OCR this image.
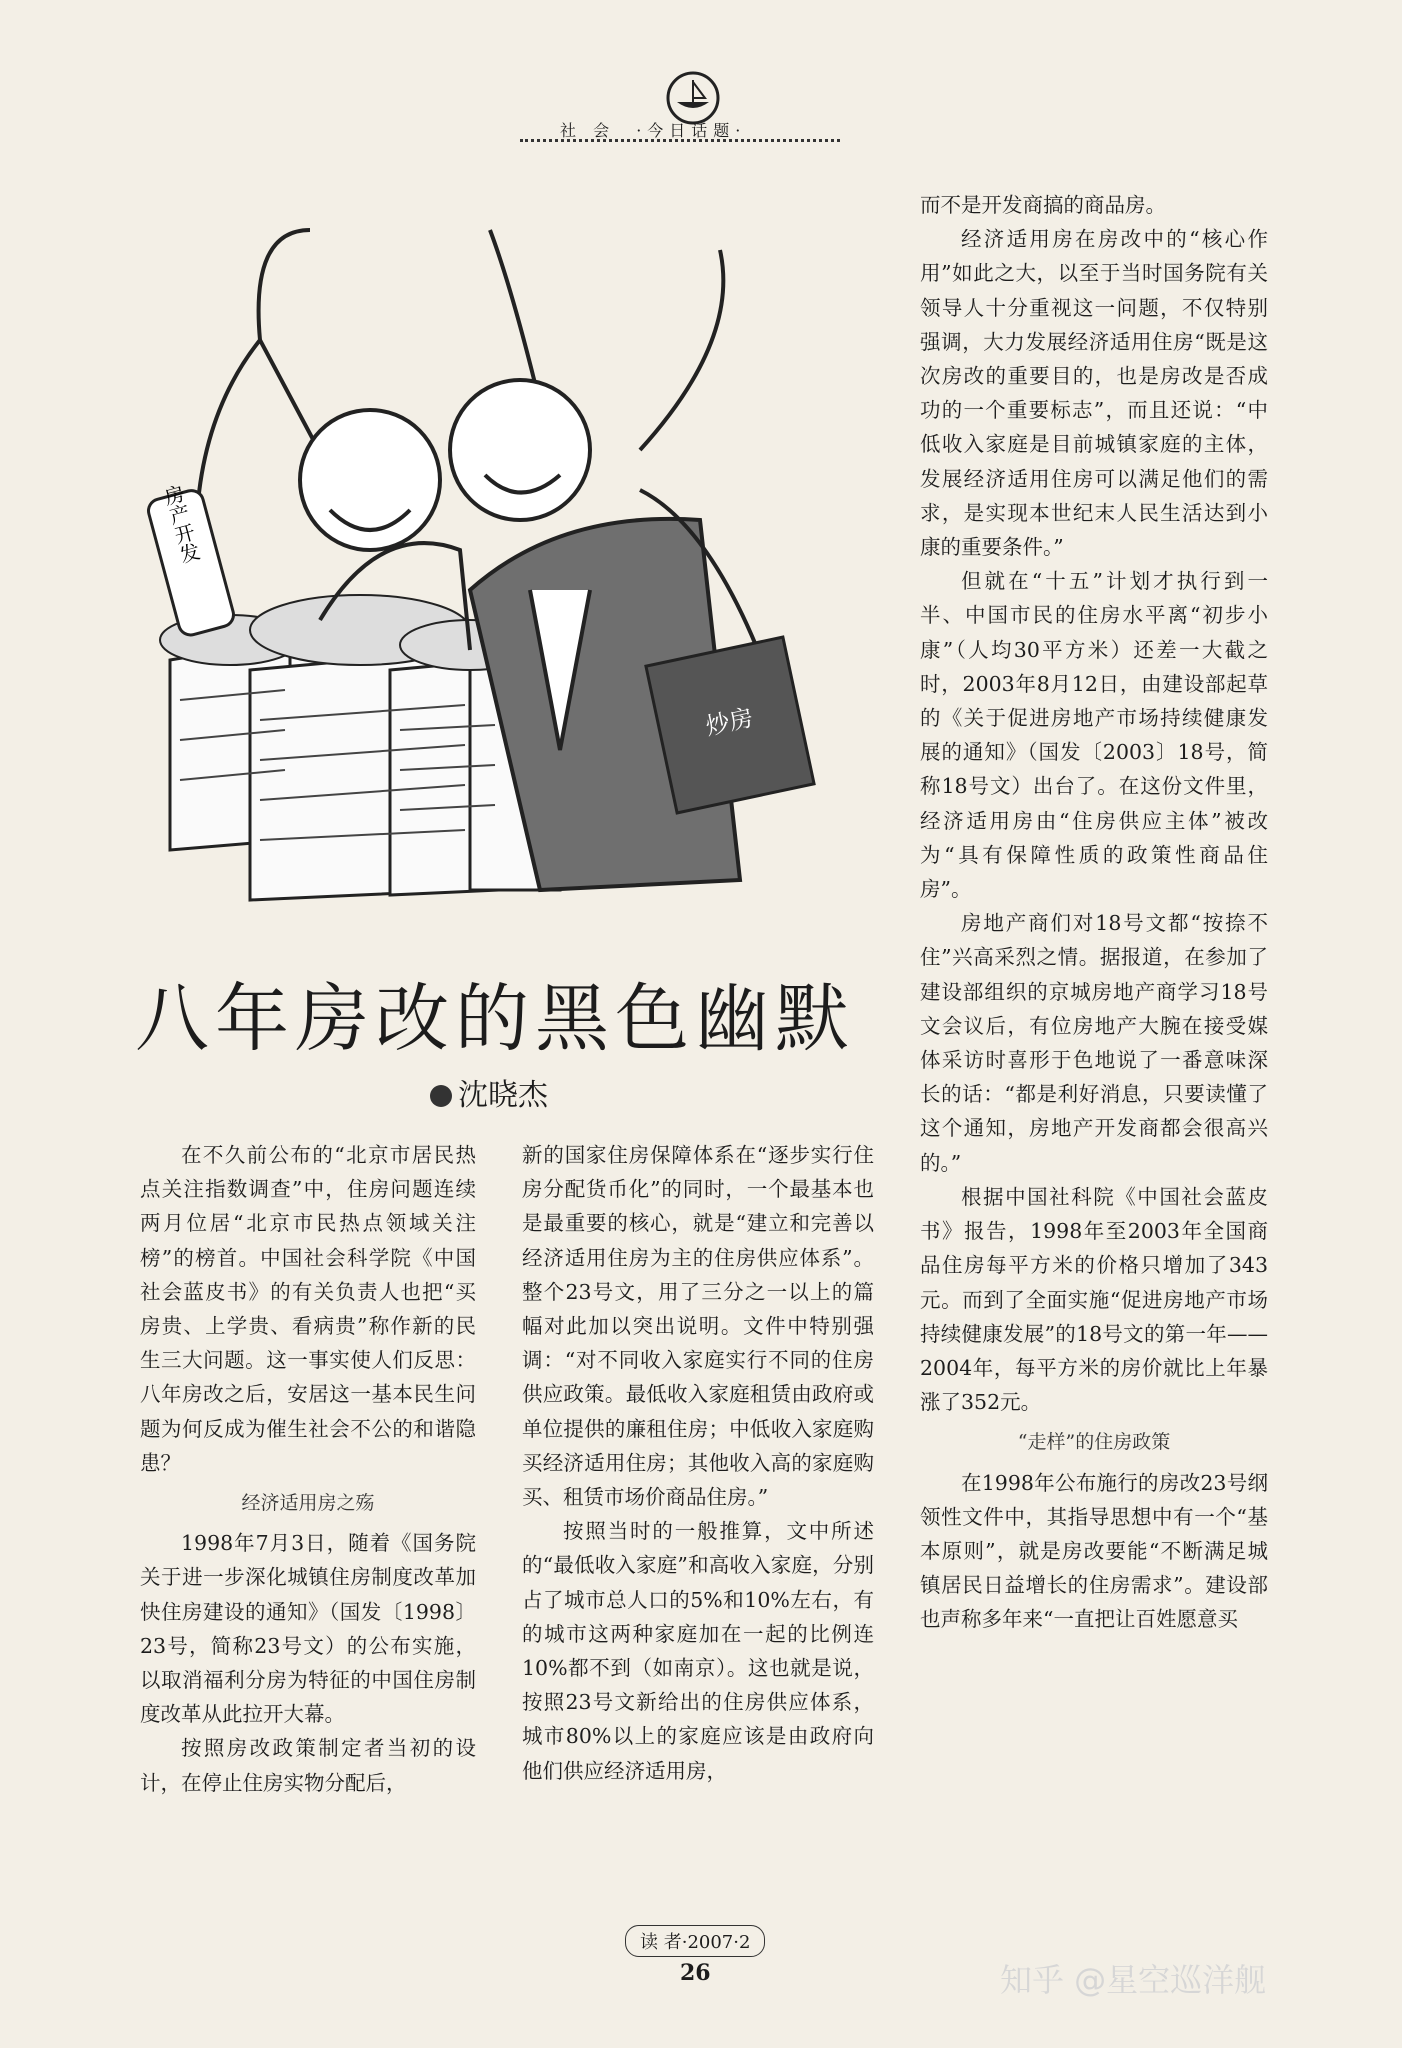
社 会 ·今日话题·
房产开发
炒房
八年房改的黑色幽默
沈晓杰

在不久前公布的“北京市居民热点关注指数调查”中，住房问题连续两月位居“北京市民热点领域关注榜”的榜首。中国社会科学院《中国社会蓝皮书》的有关负责人也把“买房贵、上学贵、看病贵”称作新的民生三大问题。这一事实使人们反思：八年房改之后，安居这一基本民生问题为何反成为催生社会不公的和谐隐患？

经济适用房之殇

1998年7月3日，随着《国务院关于进一步深化城镇住房制度改革加快住房建设的通知》（国发〔1998〕23号，简称23号文）的公布实施，以取消福利分房为特征的中国住房制度改革从此拉开大幕。

按照房改政策制定者当初的设计，在停止住房实物分配后，

新的国家住房保障体系在“逐步实行住房分配货币化”的同时，一个最基本也是最重要的核心，就是“建立和完善以经济适用住房为主的住房供应体系”。整个23号文，用了三分之一以上的篇幅对此加以突出说明。文件中特别强调：“对不同收入家庭实行不同的住房供应政策。最低收入家庭租赁由政府或单位提供的廉租住房；中低收入家庭购买经济适用住房；其他收入高的家庭购买、租赁市场价商品住房。”

按照当时的一般推算，文中所述的“最低收入家庭”和高收入家庭，分别占了城市总人口的5%和10%左右，有的城市这两种家庭加在一起的比例连10%都不到（如南京）。这也就是说，按照23号文新给出的住房供应体系，城市80%以上的家庭应该是由政府向他们供应经济适用房，

而不是开发商搞的商品房。

经济适用房在房改中的“核心作用”如此之大，以至于当时国务院有关领导人十分重视这一问题，不仅特别强调，大力发展经济适用住房“既是这次房改的重要目的，也是房改是否成功的一个重要标志”，而且还说：“中低收入家庭是目前城镇家庭的主体，发展经济适用住房可以满足他们的需求，是实现本世纪末人民生活达到小康的重要条件。”

但就在“十五”计划才执行到一半、中国市民的住房水平离“初步小康”（人均30平方米）还差一大截之时，2003年8月12日，由建设部起草的《关于促进房地产市场持续健康发展的通知》（国发〔2003〕18号，简称18号文）出台了。在这份文件里，经济适用房由“住房供应主体”被改为“具有保障性质的政策性商品住房”。

房地产商们对18号文都“按捺不住”兴高采烈之情。据报道，在参加了建设部组织的京城房地产商学习18号文会议后，有位房地产大腕在接受媒体采访时喜形于色地说了一番意味深长的话：“都是利好消息，只要读懂了这个通知，房地产开发商都会很高兴的。”

根据中国社科院《中国社会蓝皮书》报告，1998年至2003年全国商品住房每平方米的价格只增加了343元。而到了全面实施“促进房地产市场持续健康发展”的18号文的第一年——2004年，每平方米的房价就比上年暴涨了352元。

“走样”的住房政策

在1998年公布施行的房改23号纲领性文件中，其指导思想中有一个“基本原则”，就是房改要能“不断满足城镇居民日益增长的住房需求”。建设部也声称多年来“一直把让百姓愿意买

读 者·2007·2
26	知乎 @星空巡洋舰
